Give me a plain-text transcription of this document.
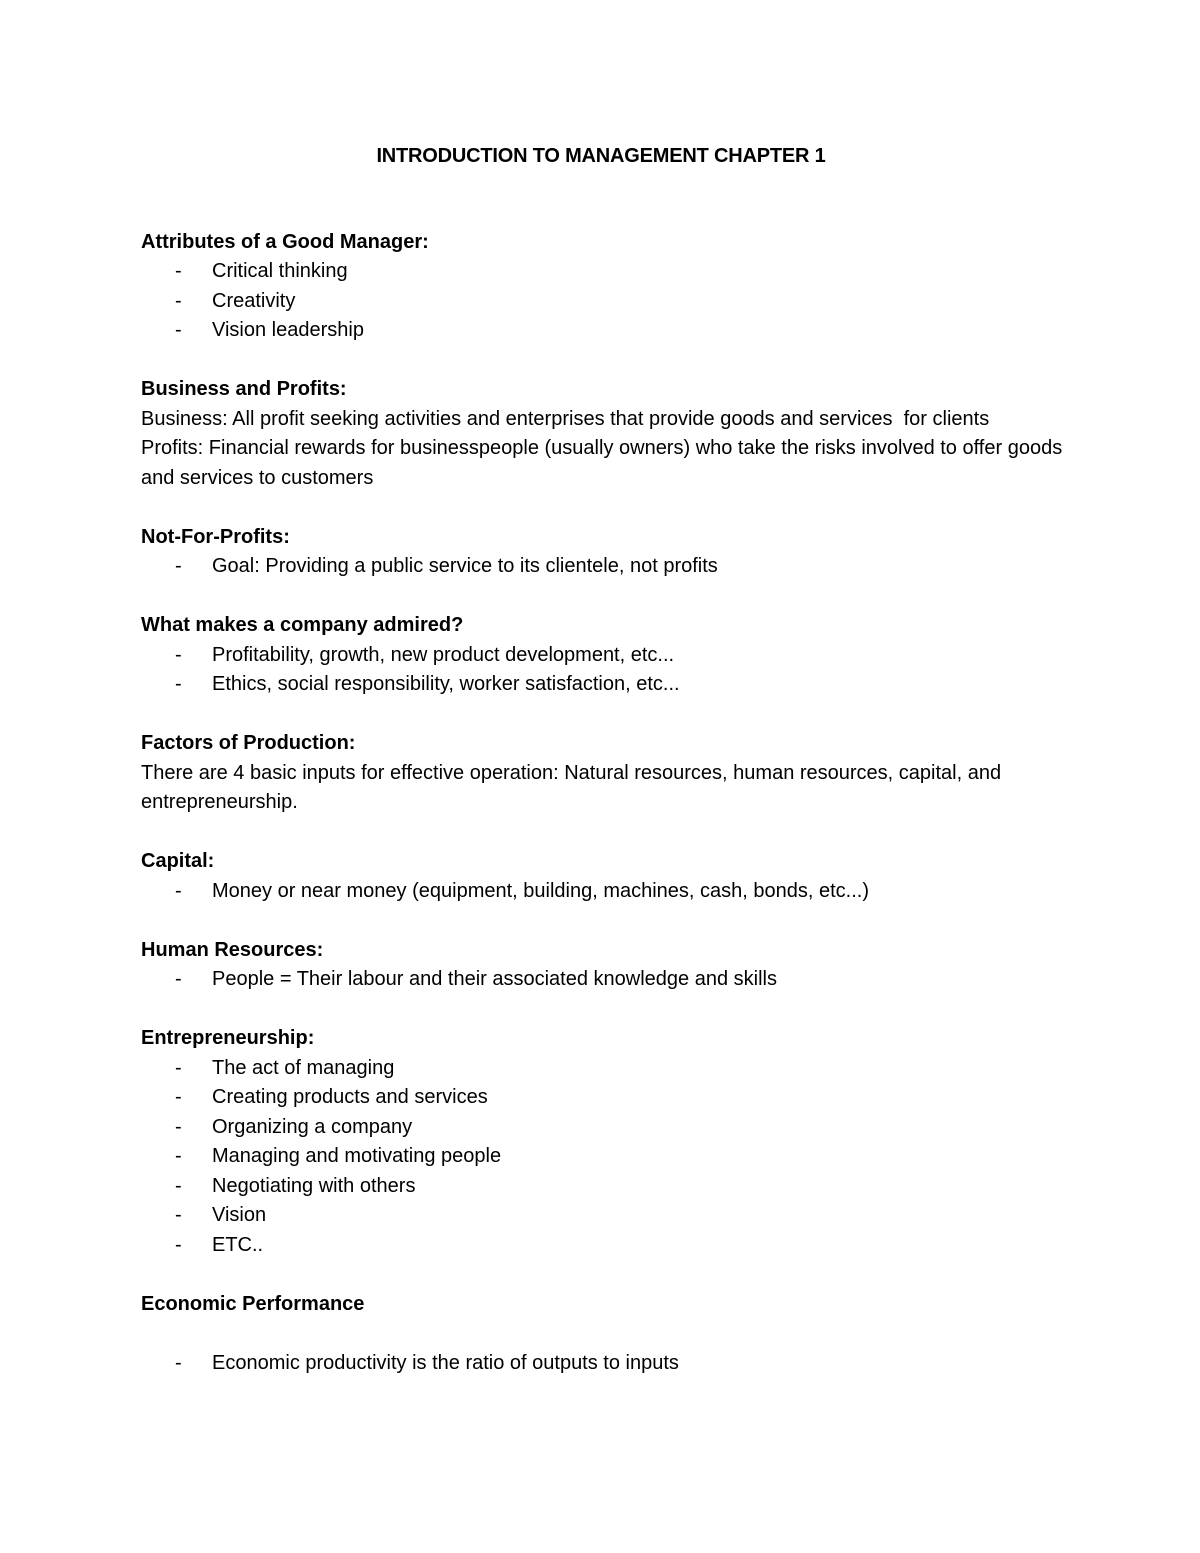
INTRODUCTION TO MANAGEMENT CHAPTER 1
Attributes of a Good Manager:
- Critical thinking
- Creativity
- Vision leadership
Business and Profits:

Business: All profit seeking activities and enterprises that provide goods and services  for clients

Profits: Financial rewards for businesspeople (usually owners) who take the risks involved to offer goods and services to customers

Not-For-Profits:
- Goal: Providing a public service to its clientele, not profits
What makes a company admired?
- Profitability, growth, new product development, etc...
- Ethics, social responsibility, worker satisfaction, etc...
Factors of Production:

There are 4 basic inputs for effective operation: Natural resources, human resources, capital, and entrepreneurship.

Capital:
- Money or near money (equipment, building, machines, cash, bonds, etc...)
Human Resources:
- People = Their labour and their associated knowledge and skills
Entrepreneurship:
- The act of managing
- Creating products and services
- Organizing a company
- Managing and motivating people
- Negotiating with others
- Vision
- ETC..
Economic Performance
- Economic productivity is the ratio of outputs to inputs
